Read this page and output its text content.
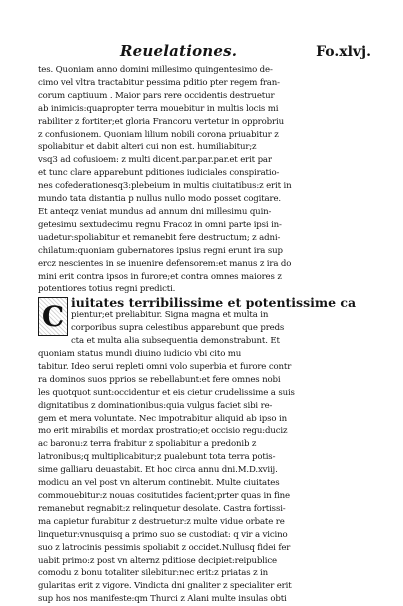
Reuelationes.	Fo.xlvj.
tes. Quoniam anno domini millesimo quingentesimo de-
cimo vel vltra tractabitur pessima pditio pter regem fran-
corum captiuum . Maior pars rere occidentis destruetur
ab inimicis:quapropter terra mouebitur in multis locis mi
rabiliter z fortiter;et gloria Francoru vertetur in opprobriu
z confusionem. Quoniam lilium nobili corona priuabitur z
spoliabitur et dabit alteri cui non est. humiliabitur;z
vsq3 ad cofusioem: z multi dicent.par.par.par.et erit par
et tunc clare apparebunt pditiones iudiciales conspiratio-
nes cofederationesq3:plebeium in multis ciuitatibus:z erit in
mundo tata distantia p nullus nullo modo posset cogitare.
Et anteqz veniat mundus ad annum dni millesimu quin-
getesimu sextudecimu regnu Fracoz in omni parte ipsi in-
uadetur:spoliabitur et remanebit fere destructum; z adni-
chilatum:quoniam gubernatores ipsius regni erunt ira sup
ercz nescientes in se inuenire defensorem:et manus z ira do
mini erit contra ipsos in furore;et contra omnes maiores z
potentiores totius regni predicti.
C iuitates terribilissime et potentissime ca
pientur;et preliabitur. Signa magna et multa in
corporibus supra celestibus apparebunt que preds
cta et multa alia subsequentia demonstrabunt. Et
quoniam status mundi diuino iudicio vbi cito mu
tabitur. Ideo serui repleti omni volo superbia et furore contr
ra dominos suos pprios se rebellabunt:et fere omnes nobi
les quotquot sunt:occidentur et eis cietur crudelissime a suis
dignitatibus z dominationibus:quia vulgus faciet sibi re-
gem et mera voluntate. Nec impotrabitur aliquid ab ipso in
mo erit mirabilis et mordax prostratio;et occisio regu:duciz
ac baronu:z terra frabitur z spoliabitur a predonib z
latronibus;q multiplicabitur;z pualebunt tota terra potis-
sime galliaru deuastabit. Et hoc circa annu dni.M.D.xviij.
modicu an vel post vn alterum continebit. Multe ciuitates
commouebitur:z nouas cositutides facient;prter quas in fine
remanebut regnabit:z relinquetur desolate. Castra fortissi-
ma capietur furabitur z destruetur:z multe vidue orbate re
linquetur:vnusquisq a primo suo se custodiat: q vir a vicino
suo z latrocinis pessimis spoliabit z occidet.Nullusq fidei fer
uabit primo:z post vn alternz pditiose decipiet:reipublice
comodu z bonu totaliter silebitur:nec erit:z priatas z in
gularitas erit z vigore. Vindicta dni gnaliter z specialiter erit
sup hos nos manifeste:qm Thurci z Alani multe insulas obti
